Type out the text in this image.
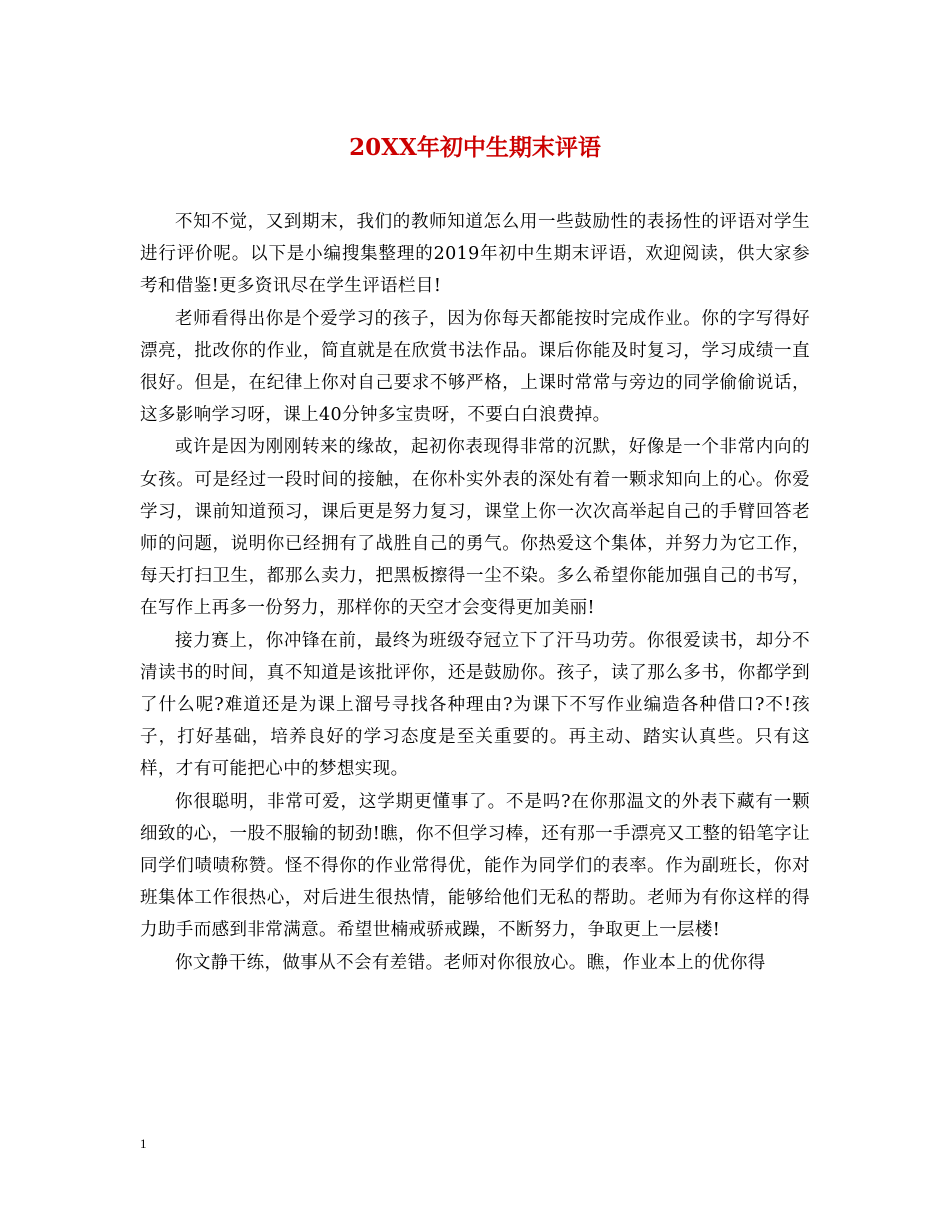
20XX年初中生期末评语

不知不觉，又到期末，我们的教师知道怎么用一些鼓励性的表扬性的评语对学生进行评价呢。以下是小编搜集整理的2019年初中生期末评语，欢迎阅读，供大家参考和借鉴!更多资讯尽在学生评语栏目!

老师看得出你是个爱学习的孩子，因为你每天都能按时完成作业。你的字写得好漂亮，批改你的作业，简直就是在欣赏书法作品。课后你能及时复习，学习成绩一直很好。但是，在纪律上你对自己要求不够严格，上课时常常与旁边的同学偷偷说话，这多影响学习呀，课上40分钟多宝贵呀，不要白白浪费掉。

或许是因为刚刚转来的缘故，起初你表现得非常的沉默，好像是一个非常内向的女孩。可是经过一段时间的接触，在你朴实外表的深处有着一颗求知向上的心。你爱学习，课前知道预习，课后更是努力复习，课堂上你一次次高举起自己的手臂回答老师的问题，说明你已经拥有了战胜自己的勇气。你热爱这个集体，并努力为它工作，每天打扫卫生，都那么卖力，把黑板擦得一尘不染。多么希望你能加强自己的书写，在写作上再多一份努力，那样你的天空才会变得更加美丽!

接力赛上，你冲锋在前，最终为班级夺冠立下了汗马功劳。你很爱读书，却分不清读书的时间，真不知道是该批评你，还是鼓励你。孩子，读了那么多书，你都学到了什么呢?难道还是为课上溜号寻找各种理由?为课下不写作业编造各种借口?不!孩子，打好基础，培养良好的学习态度是至关重要的。再主动、踏实认真些。只有这样，才有可能把心中的梦想实现。

你很聪明，非常可爱，这学期更懂事了。不是吗?在你那温文的外表下藏有一颗细致的心，一股不服输的韧劲!瞧，你不但学习棒，还有那一手漂亮又工整的铅笔字让同学们啧啧称赞。怪不得你的作业常得优，能作为同学们的表率。作为副班长，你对班集体工作很热心，对后进生很热情，能够给他们无私的帮助。老师为有你这样的得力助手而感到非常满意。希望世楠戒骄戒躁，不断努力，争取更上一层楼!

你文静干练，做事从不会有差错。老师对你很放心。瞧，作业本上的优你得

1
